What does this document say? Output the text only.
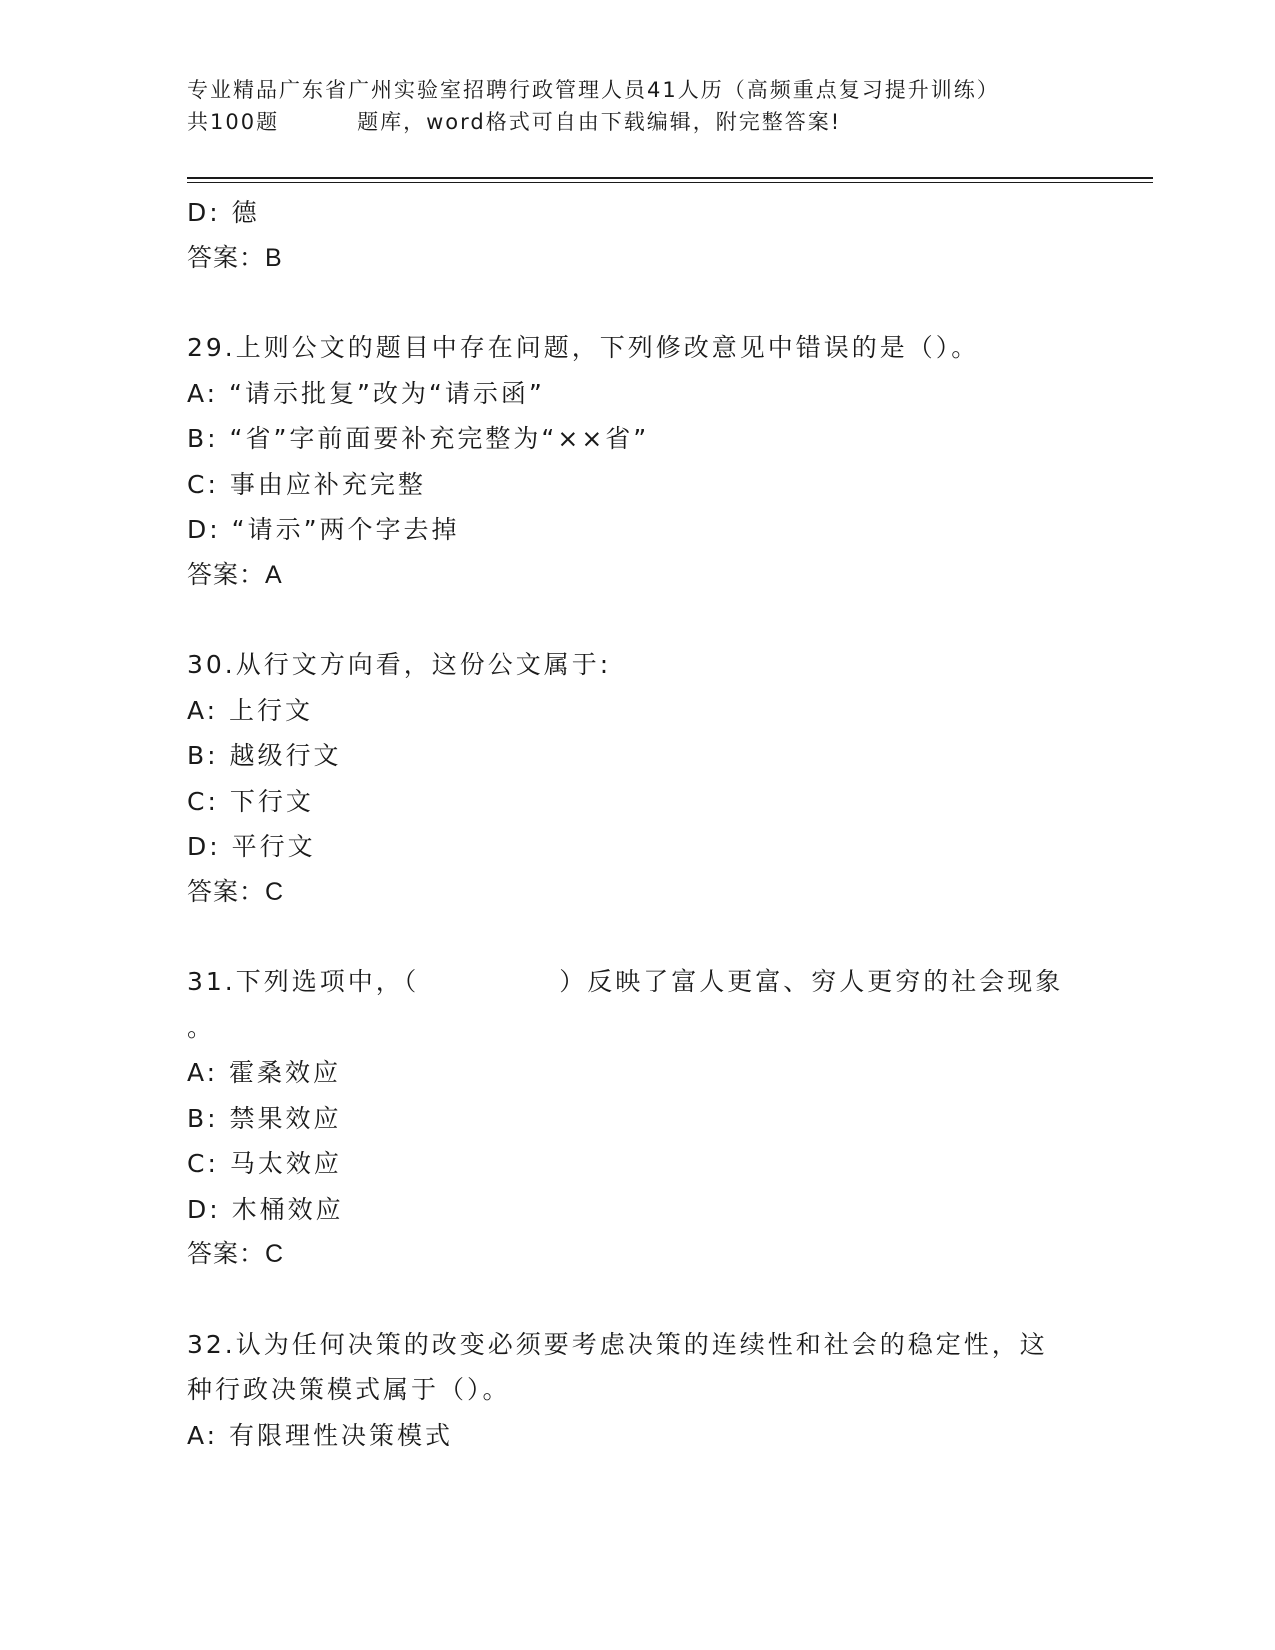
专业精品广东省广州实验室招聘行政管理人员41人历（高频重点复习提升训练）
共100题	题库，word格式可自由下载编辑，附完整答案!
D: 德
答案：B
29.上则公文的题目中存在问题，下列修改意见中错误的是（）。
A: “请示批复”改为“请示函”
B: “省”字前面要补充完整为“××省”
C: 事由应补充完整
D: “请示”两个字去掉
答案：A
30.从行文方向看，这份公文属于:
A: 上行文
B: 越级行文
C: 下行文
D: 平行文
答案：C
31.下列选项中，（　　　　　）反映了富人更富、穷人更穷的社会现象
。
A: 霍桑效应
B: 禁果效应
C: 马太效应
D: 木桶效应
答案：C
32.认为任何决策的改变必须要考虑决策的连续性和社会的稳定性，这
种行政决策模式属于（）。
A: 有限理性决策模式
